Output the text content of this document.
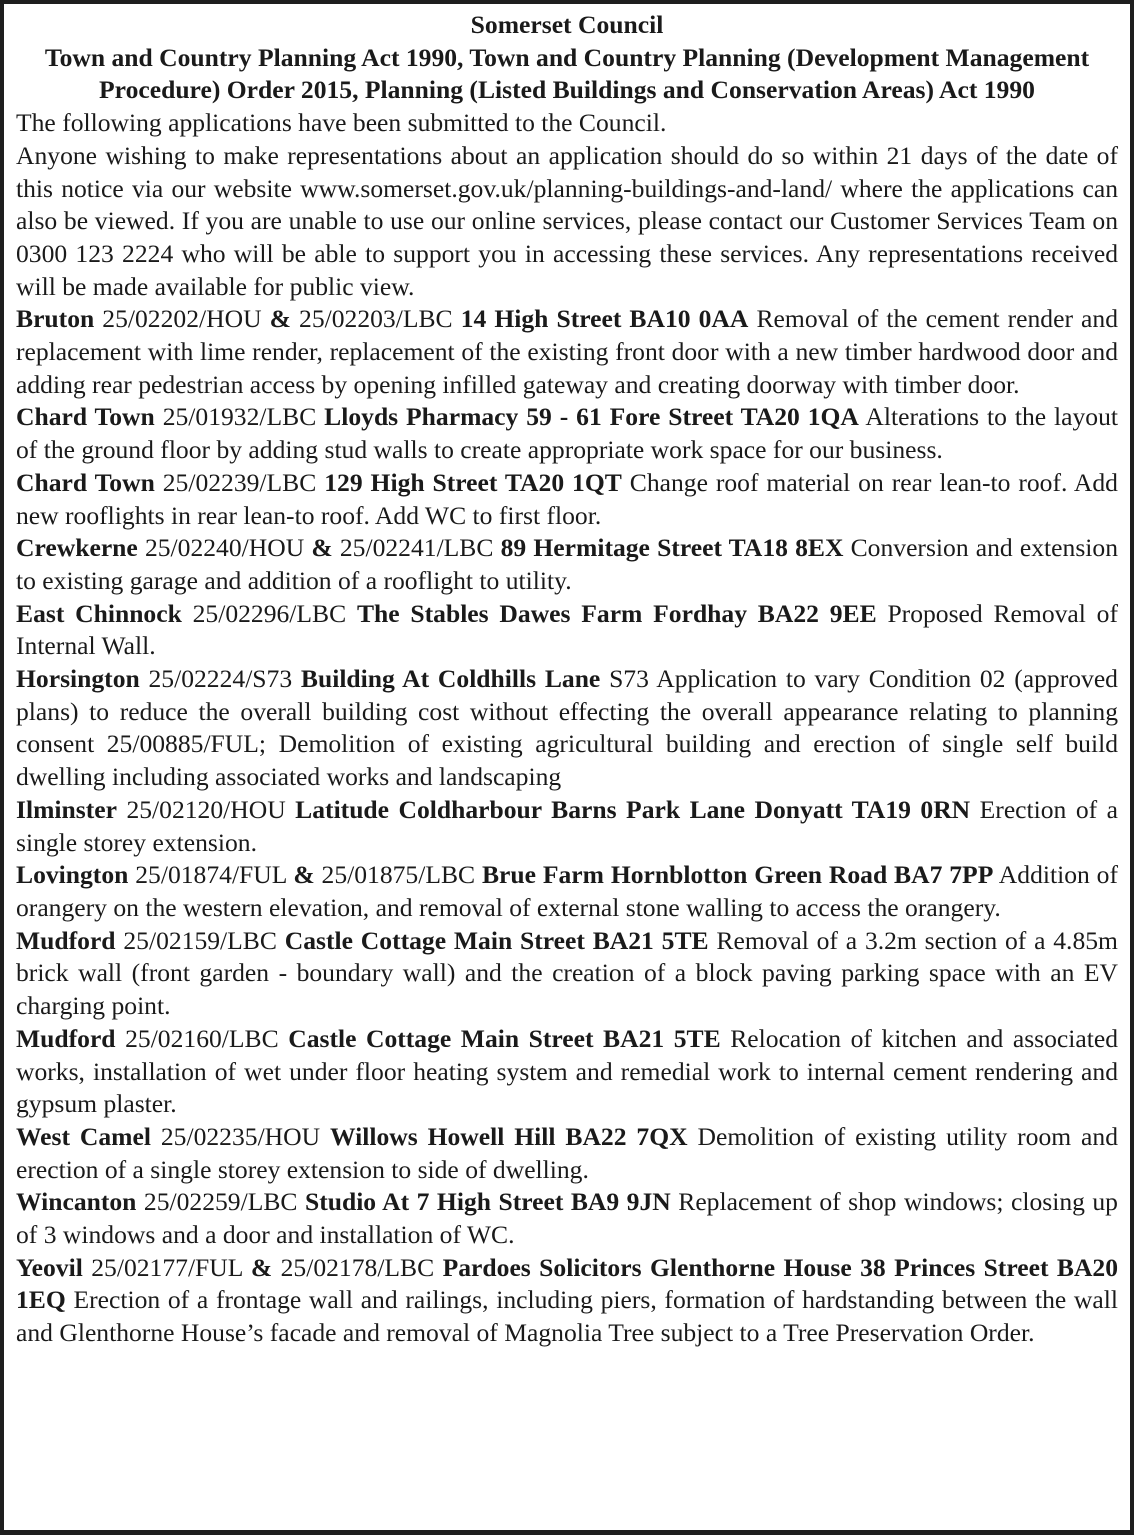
Somerset Council

Town and Country Planning Act 1990, Town and Country Planning (Development Management Procedure) Order 2015, Planning (Listed Buildings and Conservation Areas) Act 1990

The following applications have been submitted to the Council.

Anyone wishing to make representations about an application should do so within 21 days of the date of this notice via our website www.somerset.gov.uk/planning-buildings-and-land/ where the applications can also be viewed. If you are unable to use our online services, please contact our Customer Services Team on 0300 123 2224 who will be able to support you in accessing these services. Any representations received will be made available for public view.

Bruton 25/02202/HOU & 25/02203/LBC 14 High Street BA10 0AA Removal of the cement render and replacement with lime render, replacement of the existing front door with a new timber hardwood door and adding rear pedestrian access by opening infilled gateway and creating doorway with timber door.
Chard Town 25/01932/LBC Lloyds Pharmacy 59 - 61 Fore Street TA20 1QA Alterations to the layout of the ground floor by adding stud walls to create appropriate work space for our business.
Chard Town 25/02239/LBC 129 High Street TA20 1QT Change roof material on rear lean-to roof. Add new rooflights in rear lean-to roof. Add WC to first floor.
Crewkerne 25/02240/HOU & 25/02241/LBC 89 Hermitage Street TA18 8EX Conversion and extension to existing garage and addition of a rooflight to utility.
East Chinnock 25/02296/LBC The Stables Dawes Farm Fordhay BA22 9EE Proposed Removal of Internal Wall.
Horsington 25/02224/S73 Building At Coldhills Lane S73 Application to vary Condition 02 (approved plans) to reduce the overall building cost without effecting the overall appearance relating to planning consent 25/00885/FUL; Demolition of existing agricultural building and erection of single self build dwelling including associated works and landscaping
Ilminster 25/02120/HOU Latitude Coldharbour Barns Park Lane Donyatt TA19 0RN Erection of a single storey extension.
Lovington 25/01874/FUL & 25/01875/LBC Brue Farm Hornblotton Green Road BA7 7PP Addition of orangery on the western elevation, and removal of external stone walling to access the orangery.
Mudford 25/02159/LBC Castle Cottage Main Street BA21 5TE Removal of a 3.2m section of a 4.85m brick wall (front garden - boundary wall) and the creation of a block paving parking space with an EV charging point.
Mudford 25/02160/LBC Castle Cottage Main Street BA21 5TE Relocation of kitchen and associated works, installation of wet under floor heating system and remedial work to internal cement rendering and gypsum plaster.
West Camel 25/02235/HOU Willows Howell Hill BA22 7QX Demolition of existing utility room and erection of a single storey extension to side of dwelling.
Wincanton 25/02259/LBC Studio At 7 High Street BA9 9JN Replacement of shop windows; closing up of 3 windows and a door and installation of WC.
Yeovil 25/02177/FUL & 25/02178/LBC Pardoes Solicitors Glenthorne House 38 Princes Street BA20 1EQ Erection of a frontage wall and railings, including piers, formation of hardstanding between the wall and Glenthorne House’s facade and removal of Magnolia Tree subject to a Tree Preservation Order.
